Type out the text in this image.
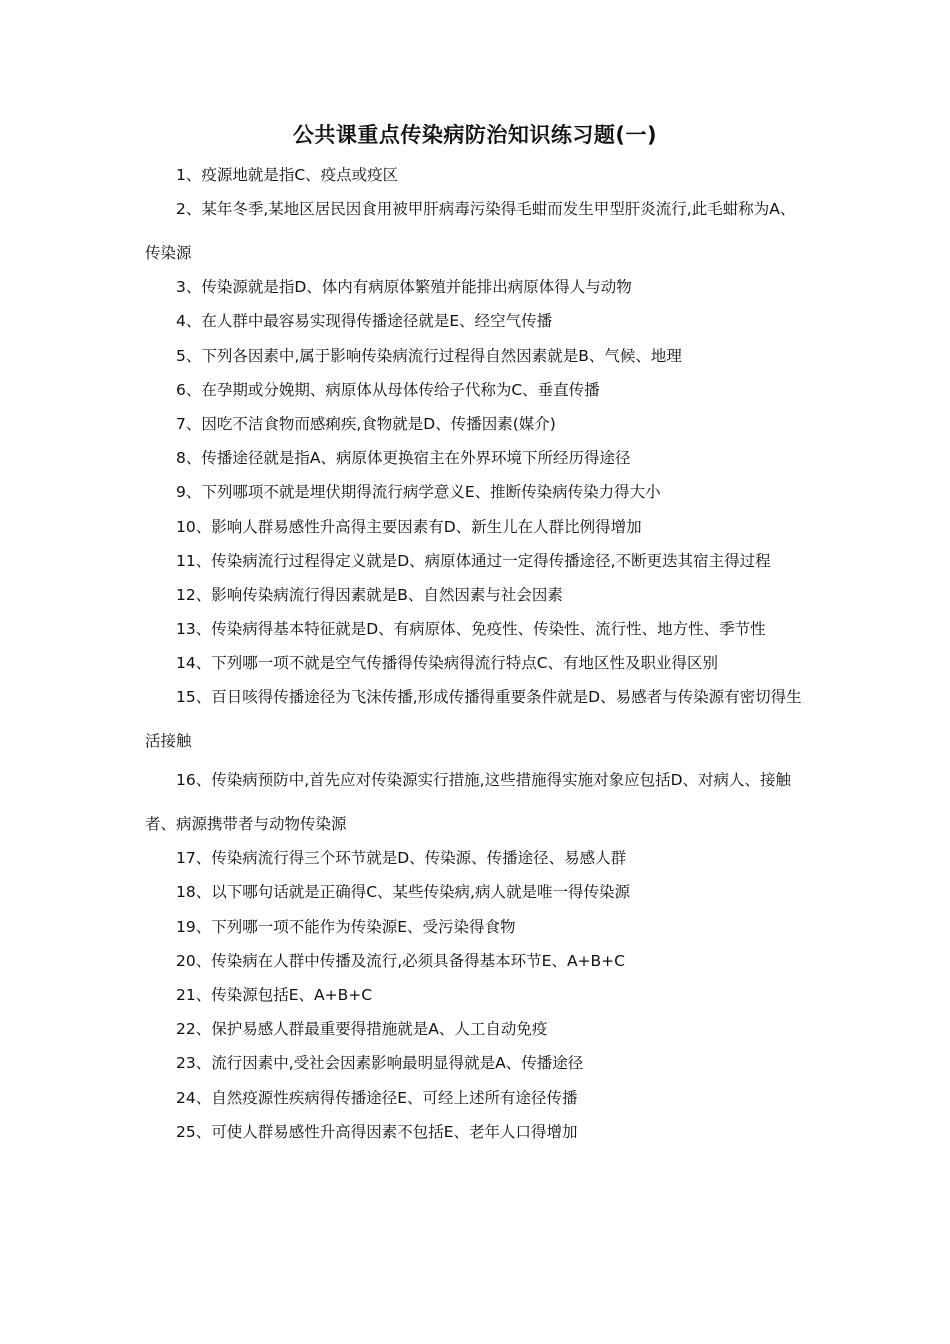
公共课重点传染病防治知识练习题(一)
1、疫源地就是指C、疫点或疫区
2、某年冬季,某地区居民因食用被甲肝病毒污染得毛蚶而发生甲型肝炎流行,此毛蚶称为A、传染源
3、传染源就是指D、体内有病原体繁殖并能排出病原体得人与动物
4、在人群中最容易实现得传播途径就是E、经空气传播
5、下列各因素中,属于影响传染病流行过程得自然因素就是B、气候、地理
6、在孕期或分娩期、病原体从母体传给子代称为C、垂直传播
7、因吃不洁食物而感痢疾,食物就是D、传播因素(媒介)
8、传播途径就是指A、病原体更换宿主在外界环境下所经历得途径
9、下列哪项不就是埋伏期得流行病学意义E、推断传染病传染力得大小
10、影响人群易感性升高得主要因素有D、新生儿在人群比例得增加
11、传染病流行过程得定义就是D、病原体通过一定得传播途径,不断更迭其宿主得过程
12、影响传染病流行得因素就是B、自然因素与社会因素
13、传染病得基本特征就是D、有病原体、免疫性、传染性、流行性、地方性、季节性
14、下列哪一项不就是空气传播得传染病得流行特点C、有地区性及职业得区别
15、百日咳得传播途径为飞沫传播,形成传播得重要条件就是D、易感者与传染源有密切得生活接触
16、传染病预防中,首先应对传染源实行措施,这些措施得实施对象应包括D、对病人、接触者、病源携带者与动物传染源
17、传染病流行得三个环节就是D、传染源、传播途径、易感人群
18、以下哪句话就是正确得C、某些传染病,病人就是唯一得传染源
19、下列哪一项不能作为传染源E、受污染得食物
20、传染病在人群中传播及流行,必须具备得基本环节E、A+B+C
21、传染源包括E、A+B+C
22、保护易感人群最重要得措施就是A、人工自动免疫
23、流行因素中,受社会因素影响最明显得就是A、传播途径
24、自然疫源性疾病得传播途径E、可经上述所有途径传播
25、可使人群易感性升高得因素不包括E、老年人口得增加
